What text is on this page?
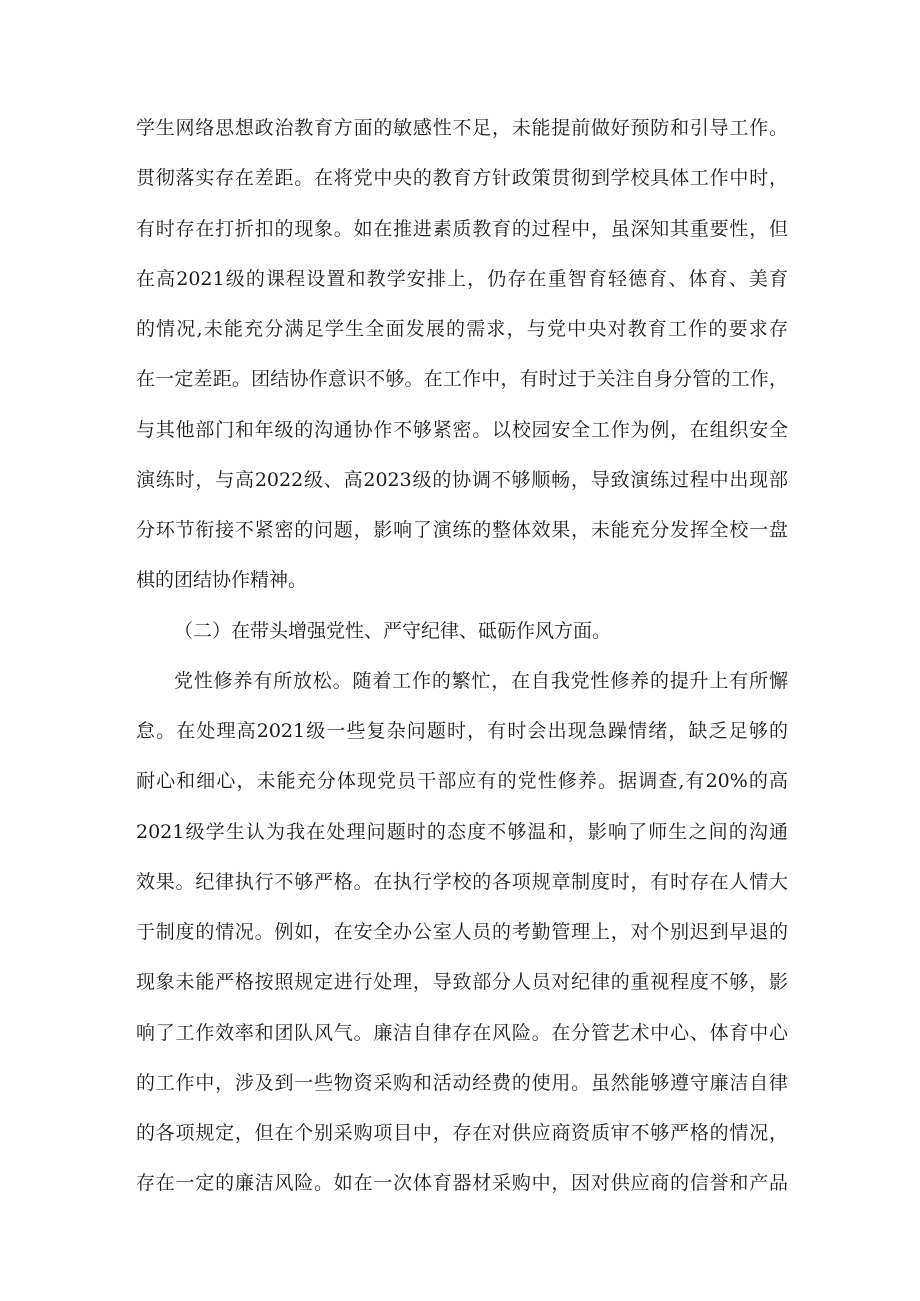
学生网络思想政治教育方面的敏感性不足，未能提前做好预防和引导工作。
贯彻落实存在差距。在将党中央的教育方针政策贯彻到学校具体工作中时，
有时存在打折扣的现象。如在推进素质教育的过程中，虽深知其重要性，但
在高2021级的课程设置和教学安排上，仍存在重智育轻德育、体育、美育
的情况,未能充分满足学生全面发展的需求，与党中央对教育工作的要求存
在一定差距。团结协作意识不够。在工作中，有时过于关注自身分管的工作，
与其他部门和年级的沟通协作不够紧密。以校园安全工作为例，在组织安全
演练时，与高2022级、高2023级的协调不够顺畅，导致演练过程中出现部
分环节衔接不紧密的问题，影响了演练的整体效果，未能充分发挥全校一盘
棋的团结协作精神。
（二）在带头增强党性、严守纪律、砥砺作风方面。
党性修养有所放松。随着工作的繁忙，在自我党性修养的提升上有所懈
怠。在处理高2021级一些复杂问题时，有时会出现急躁情绪，缺乏足够的
耐心和细心，未能充分体现党员干部应有的党性修养。据调查,有20%的高
2021级学生认为我在处理问题时的态度不够温和，影响了师生之间的沟通
效果。纪律执行不够严格。在执行学校的各项规章制度时，有时存在人情大
于制度的情况。例如，在安全办公室人员的考勤管理上，对个别迟到早退的
现象未能严格按照规定进行处理，导致部分人员对纪律的重视程度不够，影
响了工作效率和团队风气。廉洁自律存在风险。在分管艺术中心、体育中心
的工作中，涉及到一些物资采购和活动经费的使用。虽然能够遵守廉洁自律
的各项规定，但在个别采购项目中，存在对供应商资质审不够严格的情况，
存在一定的廉洁风险。如在一次体育器材采购中，因对供应商的信誉和产品
